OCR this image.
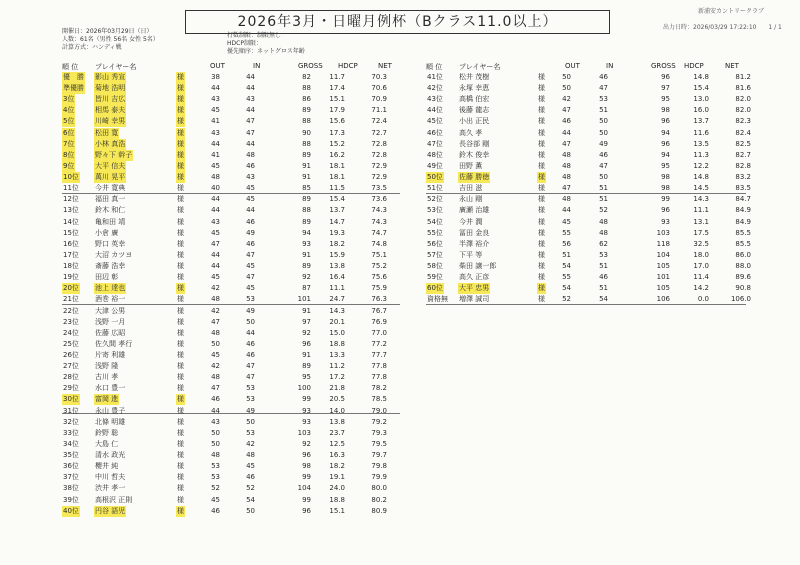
2026年3月・日曜月例杯（Bクラス11.0以上）
新浦安カントリークラブ
出力日時：2026/03/29 17:22:10 1 / 1
開催日：2026年03月29日（日）
人数：61名（男性 56名 女性 5名）
計算方式：ハンディ戦
打数制限：制限無し
HDCP制限：
優先順序：ネットグロス年齢
順 位 プレイヤー名	OUT	IN	GROSS HDCP	NET	順 位 プレイヤー名	OUT	IN	GROSS HDCP	NET
優　勝 影山 秀宣	様	38	44	82	11.7	70.3
準優勝 菊地 浩明	様	44	44	88	17.4	70.6
3位	皆川 吉広	様	43	43	86	15.1	70.9
4位	相馬 泰夫	様	45	44	89	17.9	71.1
5位	川崎 幸男	様	41	47	88	15.6	72.4
6位	松田 寛	様	43	47	90	17.3	72.7
7位	小林 真浩	様	44	44	88	15.2	72.8
8位	野々下 幹子	様	41	48	89	16.2	72.8
9位	大平 信夫	様	45	46	91	18.1	72.9
10位 萬川 晃平	様	48	43	91	18.1	72.9
11位 今井 寛典	様	40	45	85	11.5	73.5
12位 福田 真一	様	44	45	89	15.4	73.6
13位 鈴木 和仁	様	44	44	88	13.7	74.3
14位 亀和田 靖	様	43	46	89	14.7	74.3
15位 小倉 廣	様	45	49	94	19.3	74.7
16位 野口 英幸	様	47	46	93	18.2	74.8
17位 大沼 カツヨ	様	44	47	91	15.9	75.1
18位 斎藤 浩幸	様	44	45	89	13.8	75.2
19位 田辺 彰	様	45	47	92	16.4	75.6
20位 池上 達也	様	42	45	87	11.1	75.9
21位 酒巻 裕一	様	48	53	101	24.7	76.3
22位 大津 公男	様	42	49	91	14.3	76.7
23位 浅野 一月	様	47	50	97	20.1	76.9
24位 佐藤 広昭	様	48	44	92	15.0	77.0
25位 佐久間 孝行	様	50	46	96	18.8	77.2
26位 片寄 利雄	様	45	46	91	13.3	77.7
27位 浅野 隆	様	42	47	89	11.2	77.8
28位 古川 孝	様	48	47	95	17.2	77.8
29位 水口 豊一	様	47	53	100	21.8	78.2
30位 富岡 進	様	46	53	99	20.5	78.5
31位 永山 豊子	様	44	49	93	14.0	79.0
32位 北條 明雄	様	43	50	93	13.8	79.2
33位 鈴野 聡	様	50	53	103	23.7	79.3
34位 大島 仁	様	50	42	92	12.5	79.5
35位 清水 政光	様	48	48	96	16.3	79.7
36位 櫻井 純	様	53	45	98	18.2	79.8
37位 中川 哲夫	様	53	46	99	19.1	79.9
38位 渋井 孝一	様	52	52	104	24.0	80.0
39位 高根沢 正則	様	45	54	99	18.8	80.2
40位 円谷 語児	様	46	50	96	15.1	80.9
41位 松井 茂樹	様	50	46	96	14.8	81.2
42位 永塚 幸恵	様	50	47	97	15.4	81.6
43位 高橋 伯宏	様	42	53	95	13.0	82.0
44位 後藤 龍志	様	47	51	98	16.0	82.0
45位 小出 正民	様	46	50	96	13.7	82.3
46位 高久 孝	様	44	50	94	11.6	82.4
47位 長谷部 剛	様	47	49	96	13.5	82.5
48位 鈴木 俊幸	様	48	46	94	11.3	82.7
49位 田野 薫	様	48	47	95	12.2	82.8
50位 佐藤 勝徳	様	48	50	98	14.8	83.2
51位 吉田 滋	様	47	51	98	14.5	83.5
52位 永山 剛	様	48	51	99	14.3	84.7
53位 廣瀬 治雄	様	44	52	96	11.1	84.9
54位 今井 潤	様	45	48	93	13.1	84.9
55位 冨田 金良	様	55	48	103	17.5	85.5
56位 半澤 裕介	様	56	62	118	32.5	85.5
57位 下平 等	様	51	53	104	18.0	86.0
58位 柴田 譲一郎	様	54	51	105	17.0	88.0
59位 高久 正彦	様	55	46	101	11.4	89.6
60位 大平 忠男	様	54	51	105	14.2	90.8
資格無 増澤 誠司	様	52	54	106	0.0	106.0
